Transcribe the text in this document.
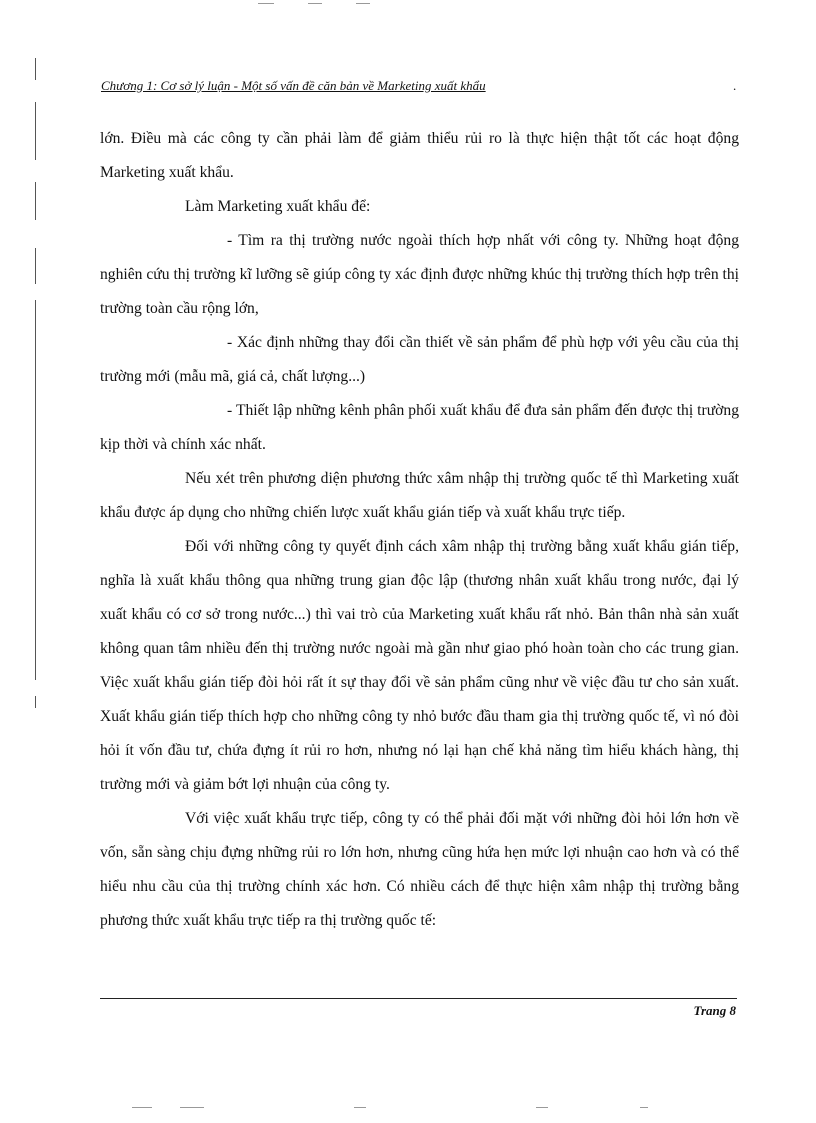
Chương 1: Cơ sở lý luận - Một số vấn đề căn bản về Marketing xuất khẩu	.

lớn. Điều mà các công ty cần phải làm để giảm thiểu rủi ro là thực hiện thật tốt các hoạt động Marketing xuất khẩu.

Làm Marketing xuất khẩu để:

- Tìm ra thị trường nước ngoài thích hợp nhất với công ty. Những hoạt động nghiên cứu thị trường kĩ lưỡng sẽ giúp công ty xác định được những khúc thị trường thích hợp trên thị trường toàn cầu rộng lớn,

- Xác định những thay đổi cần thiết về sản phẩm để phù hợp với yêu cầu của thị trường mới (mẫu mã, giá cả, chất lượng...)

- Thiết lập những kênh phân phối xuất khẩu để đưa sản phẩm đến được thị trường kịp thời và chính xác nhất.

Nếu xét trên phương diện phương thức xâm nhập thị trường quốc tế thì Marketing xuất khẩu được áp dụng cho những chiến lược xuất khẩu gián tiếp và xuất khẩu trực tiếp.

Đối với những công ty quyết định cách xâm nhập thị trường bằng xuất khẩu gián tiếp, nghĩa là xuất khẩu thông qua những trung gian độc lập (thương nhân xuất khẩu trong nước, đại lý xuất khẩu có cơ sở trong nước...) thì vai trò của Marketing xuất khẩu rất nhỏ. Bản thân nhà sản xuất không quan tâm nhiều đến thị trường nước ngoài mà gần như giao phó hoàn toàn cho các trung gian. Việc xuất khẩu gián tiếp đòi hỏi rất ít sự thay đổi về sản phẩm cũng như về việc đầu tư cho sản xuất. Xuất khẩu gián tiếp thích hợp cho những công ty nhỏ bước đầu tham gia thị trường quốc tế, vì nó đòi hỏi ít vốn đầu tư, chứa đựng ít rủi ro hơn, nhưng nó lại hạn chế khả năng tìm hiểu khách hàng, thị trường mới và giảm bớt lợi nhuận của công ty.

Với việc xuất khẩu trực tiếp, công ty có thể phải đối mặt với những đòi hỏi lớn hơn về vốn, sẵn sàng chịu đựng những rủi ro lớn hơn, nhưng cũng hứa hẹn mức lợi nhuận cao hơn và có thể hiểu nhu cầu của thị trường chính xác hơn. Có nhiều cách để thực hiện xâm nhập thị trường bằng phương thức xuất khẩu trực tiếp ra thị trường quốc tế:

Trang 8
